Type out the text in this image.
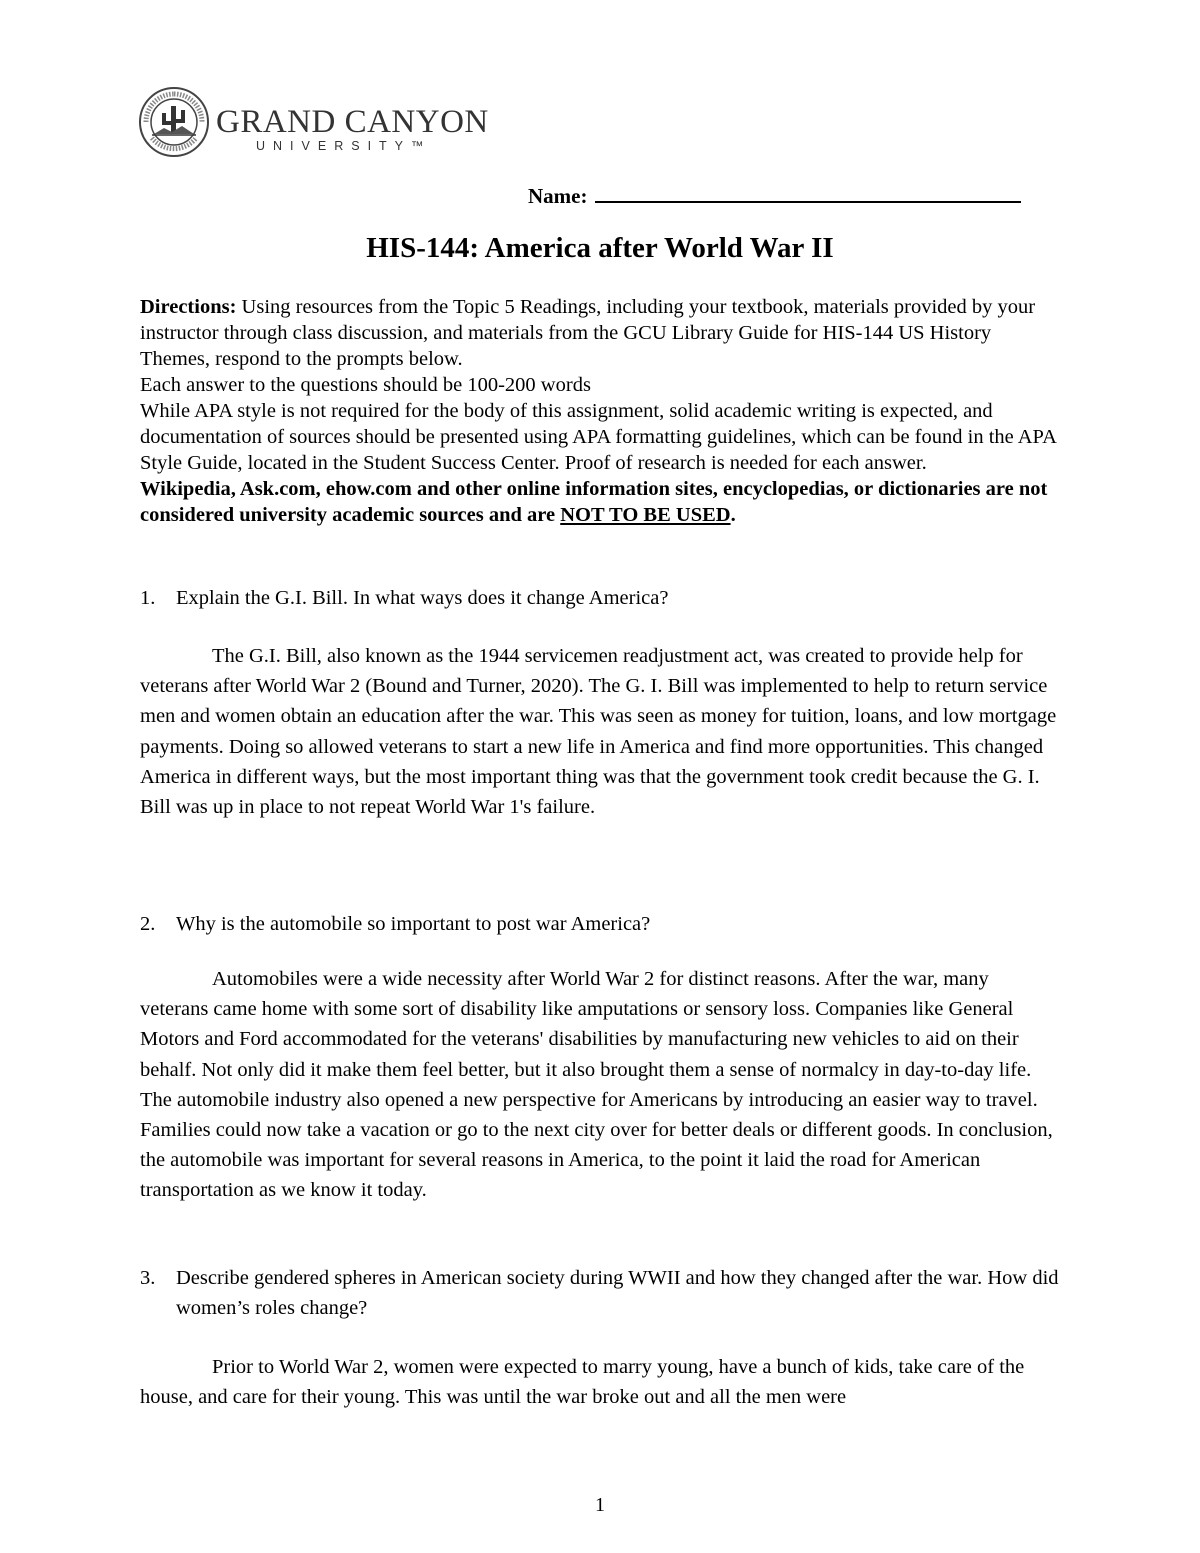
GRAND CANYON
UNIVERSITY™
Name:
HIS-144: America after World War II

Directions: Using resources from the Topic 5 Readings, including your textbook, materials provided by your instructor through class discussion, and materials from the GCU Library Guide for HIS-144 US History Themes, respond to the prompts below.

Each answer to the questions should be 100-200 words

While APA style is not required for the body of this assignment, solid academic writing is expected, and documentation of sources should be presented using APA formatting guidelines, which can be found in the APA Style Guide, located in the Student Success Center. Proof of research is needed for each answer.

Wikipedia, Ask.com, ehow.com and other online information sites, encyclopedias, or dictionaries are not considered university academic sources and are NOT TO BE USED.

1.	Explain the G.I. Bill. In what ways does it change America?

The G.I. Bill, also known as the 1944 servicemen readjustment act, was created to provide help for veterans after World War 2 (Bound and Turner, 2020). The G. I. Bill was implemented to help to return service men and women obtain an education after the war. This was seen as money for tuition, loans, and low mortgage payments. Doing so allowed veterans to start a new life in America and find more opportunities. This changed America in different ways, but the most important thing was that the government took credit because the G. I. Bill was up in place to not repeat World War 1's failure.

2.	Why is the automobile so important to post war America?

Automobiles were a wide necessity after World War 2 for distinct reasons. After the war, many veterans came home with some sort of disability like amputations or sensory loss. Companies like General Motors and Ford accommodated for the veterans' disabilities by manufacturing new vehicles to aid on their behalf. Not only did it make them feel better, but it also brought them a sense of normalcy in day-to-day life. The automobile industry also opened a new perspective for Americans by introducing an easier way to travel. Families could now take a vacation or go to the next city over for better deals or different goods. In conclusion, the automobile was important for several reasons in America, to the point it laid the road for American transportation as we know it today.

3.	Describe gendered spheres in American society during WWII and how they changed after the war. How did women’s roles change?

Prior to World War 2, women were expected to marry young, have a bunch of kids, take care of the house, and care for their young. This was until the war broke out and all the men were

1
